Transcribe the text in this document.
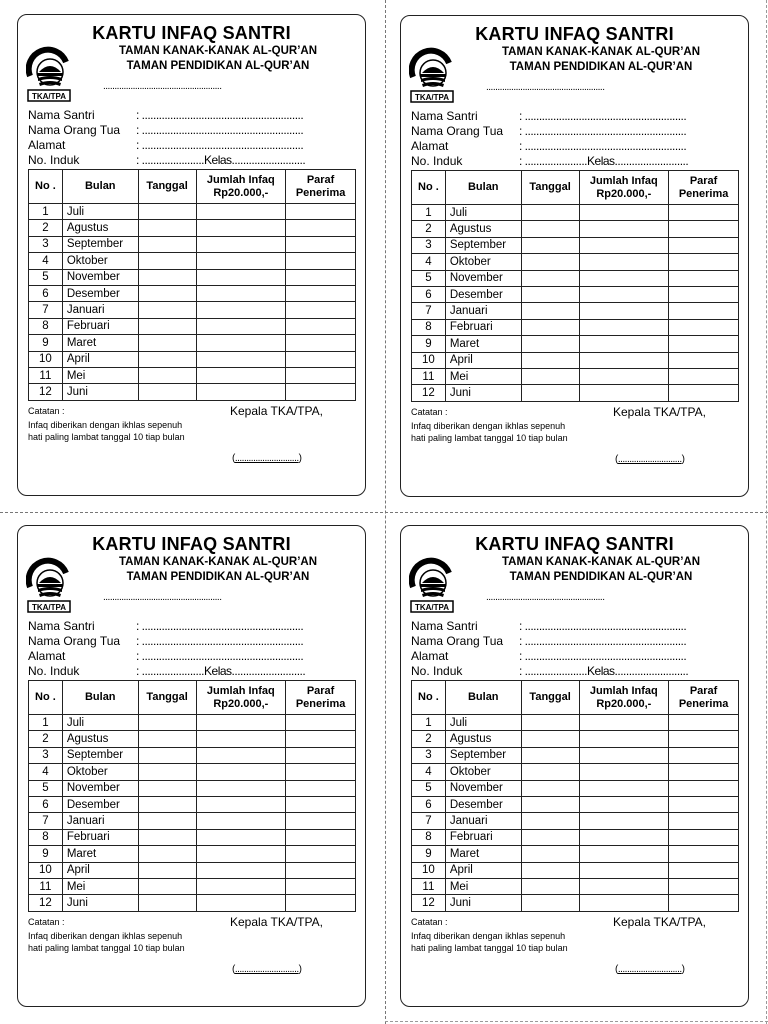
KARTU INFAQ SANTRI
TKA/TPA
TAMAN KANAK-KANAK AL-QUR’AN
TAMAN PENDIDIKAN AL-QUR’AN
....................................................
Nama Santri	: .........................................................
Nama Orang Tua : .........................................................
Alamat	: .........................................................
No. Induk	: ......................Kelas..........................
No .	Bulan	Tanggal	Jumlah Infaq Rp20.000,-	Paraf Penerima
1	Juli			
2	Agustus			
3	September			
4	Oktober			
5	November			
6	Desember			
7	Januari			
8	Februari			
9	Maret			
10	April			
11	Mei			
12	Juni			
Catatan :
Infaq diberikan dengan ikhlas sepenuh hati paling lambat tanggal 10 tiap bulan
Kepala TKA/TPA,
(............................)
KARTU INFAQ SANTRI
TKA/TPA
TAMAN KANAK-KANAK AL-QUR’AN
TAMAN PENDIDIKAN AL-QUR’AN
....................................................
Nama Santri	: .........................................................
Nama Orang Tua : .........................................................
Alamat	: .........................................................
No. Induk	: ......................Kelas..........................
No .	Bulan	Tanggal	Jumlah Infaq Rp20.000,-	Paraf Penerima
1	Juli			
2	Agustus			
3	September			
4	Oktober			
5	November			
6	Desember			
7	Januari			
8	Februari			
9	Maret			
10	April			
11	Mei			
12	Juni			
Catatan :
Infaq diberikan dengan ikhlas sepenuh hati paling lambat tanggal 10 tiap bulan
Kepala TKA/TPA,
(............................)
KARTU INFAQ SANTRI
TKA/TPA
TAMAN KANAK-KANAK AL-QUR’AN
TAMAN PENDIDIKAN AL-QUR’AN
....................................................
Nama Santri	: .........................................................
Nama Orang Tua : .........................................................
Alamat	: .........................................................
No. Induk	: ......................Kelas..........................
No .	Bulan	Tanggal	Jumlah Infaq Rp20.000,-	Paraf Penerima
1	Juli			
2	Agustus			
3	September			
4	Oktober			
5	November			
6	Desember			
7	Januari			
8	Februari			
9	Maret			
10	April			
11	Mei			
12	Juni			
Catatan :
Infaq diberikan dengan ikhlas sepenuh hati paling lambat tanggal 10 tiap bulan
Kepala TKA/TPA,
(............................)
KARTU INFAQ SANTRI
TKA/TPA
TAMAN KANAK-KANAK AL-QUR’AN
TAMAN PENDIDIKAN AL-QUR’AN
....................................................
Nama Santri	: .........................................................
Nama Orang Tua : .........................................................
Alamat	: .........................................................
No. Induk	: ......................Kelas..........................
No .	Bulan	Tanggal	Jumlah Infaq Rp20.000,-	Paraf Penerima
1	Juli			
2	Agustus			
3	September			
4	Oktober			
5	November			
6	Desember			
7	Januari			
8	Februari			
9	Maret			
10	April			
11	Mei			
12	Juni			
Catatan :
Infaq diberikan dengan ikhlas sepenuh hati paling lambat tanggal 10 tiap bulan
Kepala TKA/TPA,
(............................)
